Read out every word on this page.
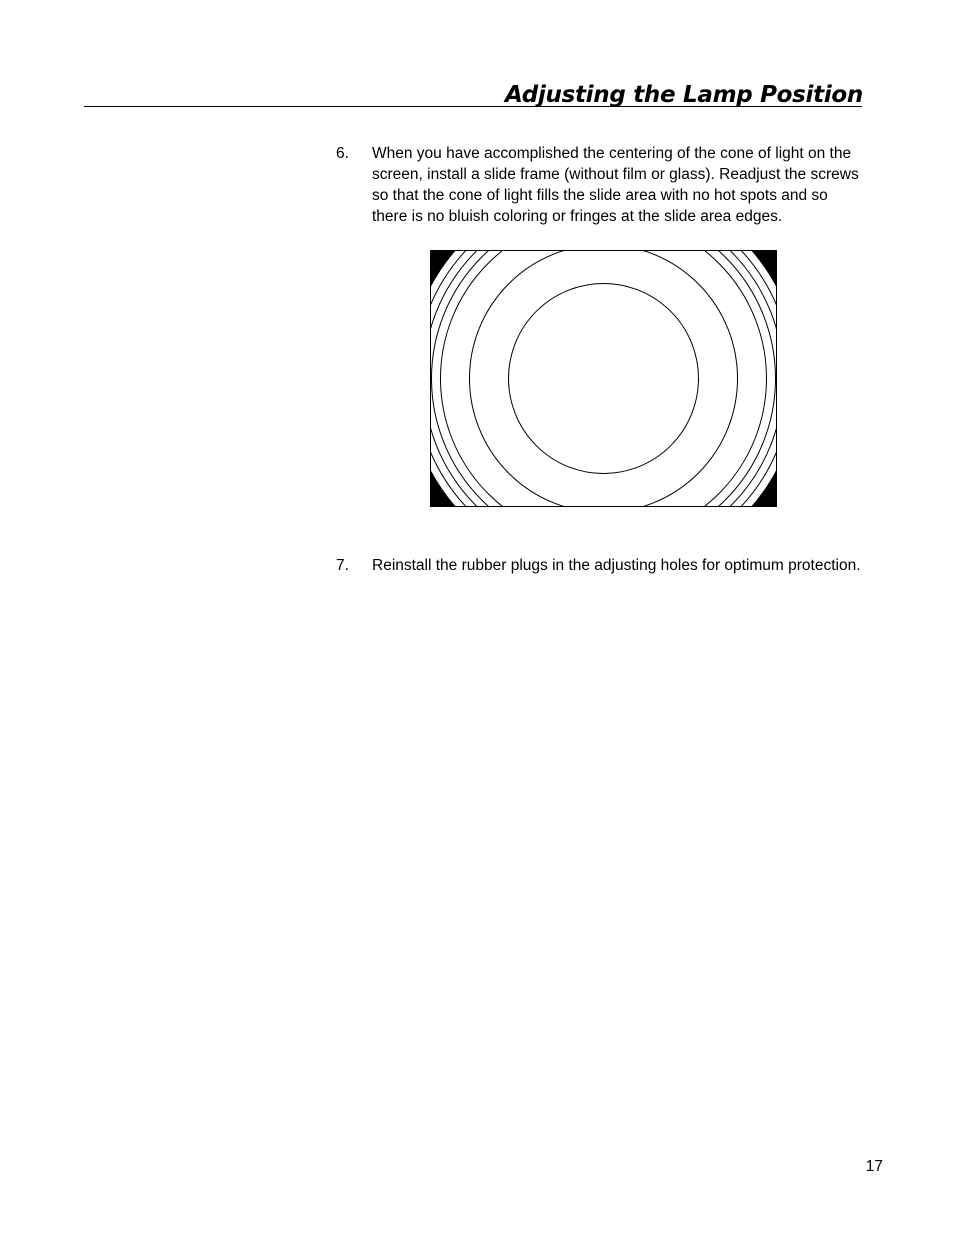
Adjusting the Lamp Position
6. When you have accomplished the centering of the cone of light on the screen, install a slide frame (without film or glass). Readjust the screws so that the cone of light fills the slide area with no hot spots and so there is no bluish coloring or fringes at the slide area edges.
7. Reinstall the rubber plugs in the adjusting holes for optimum protection.
17
